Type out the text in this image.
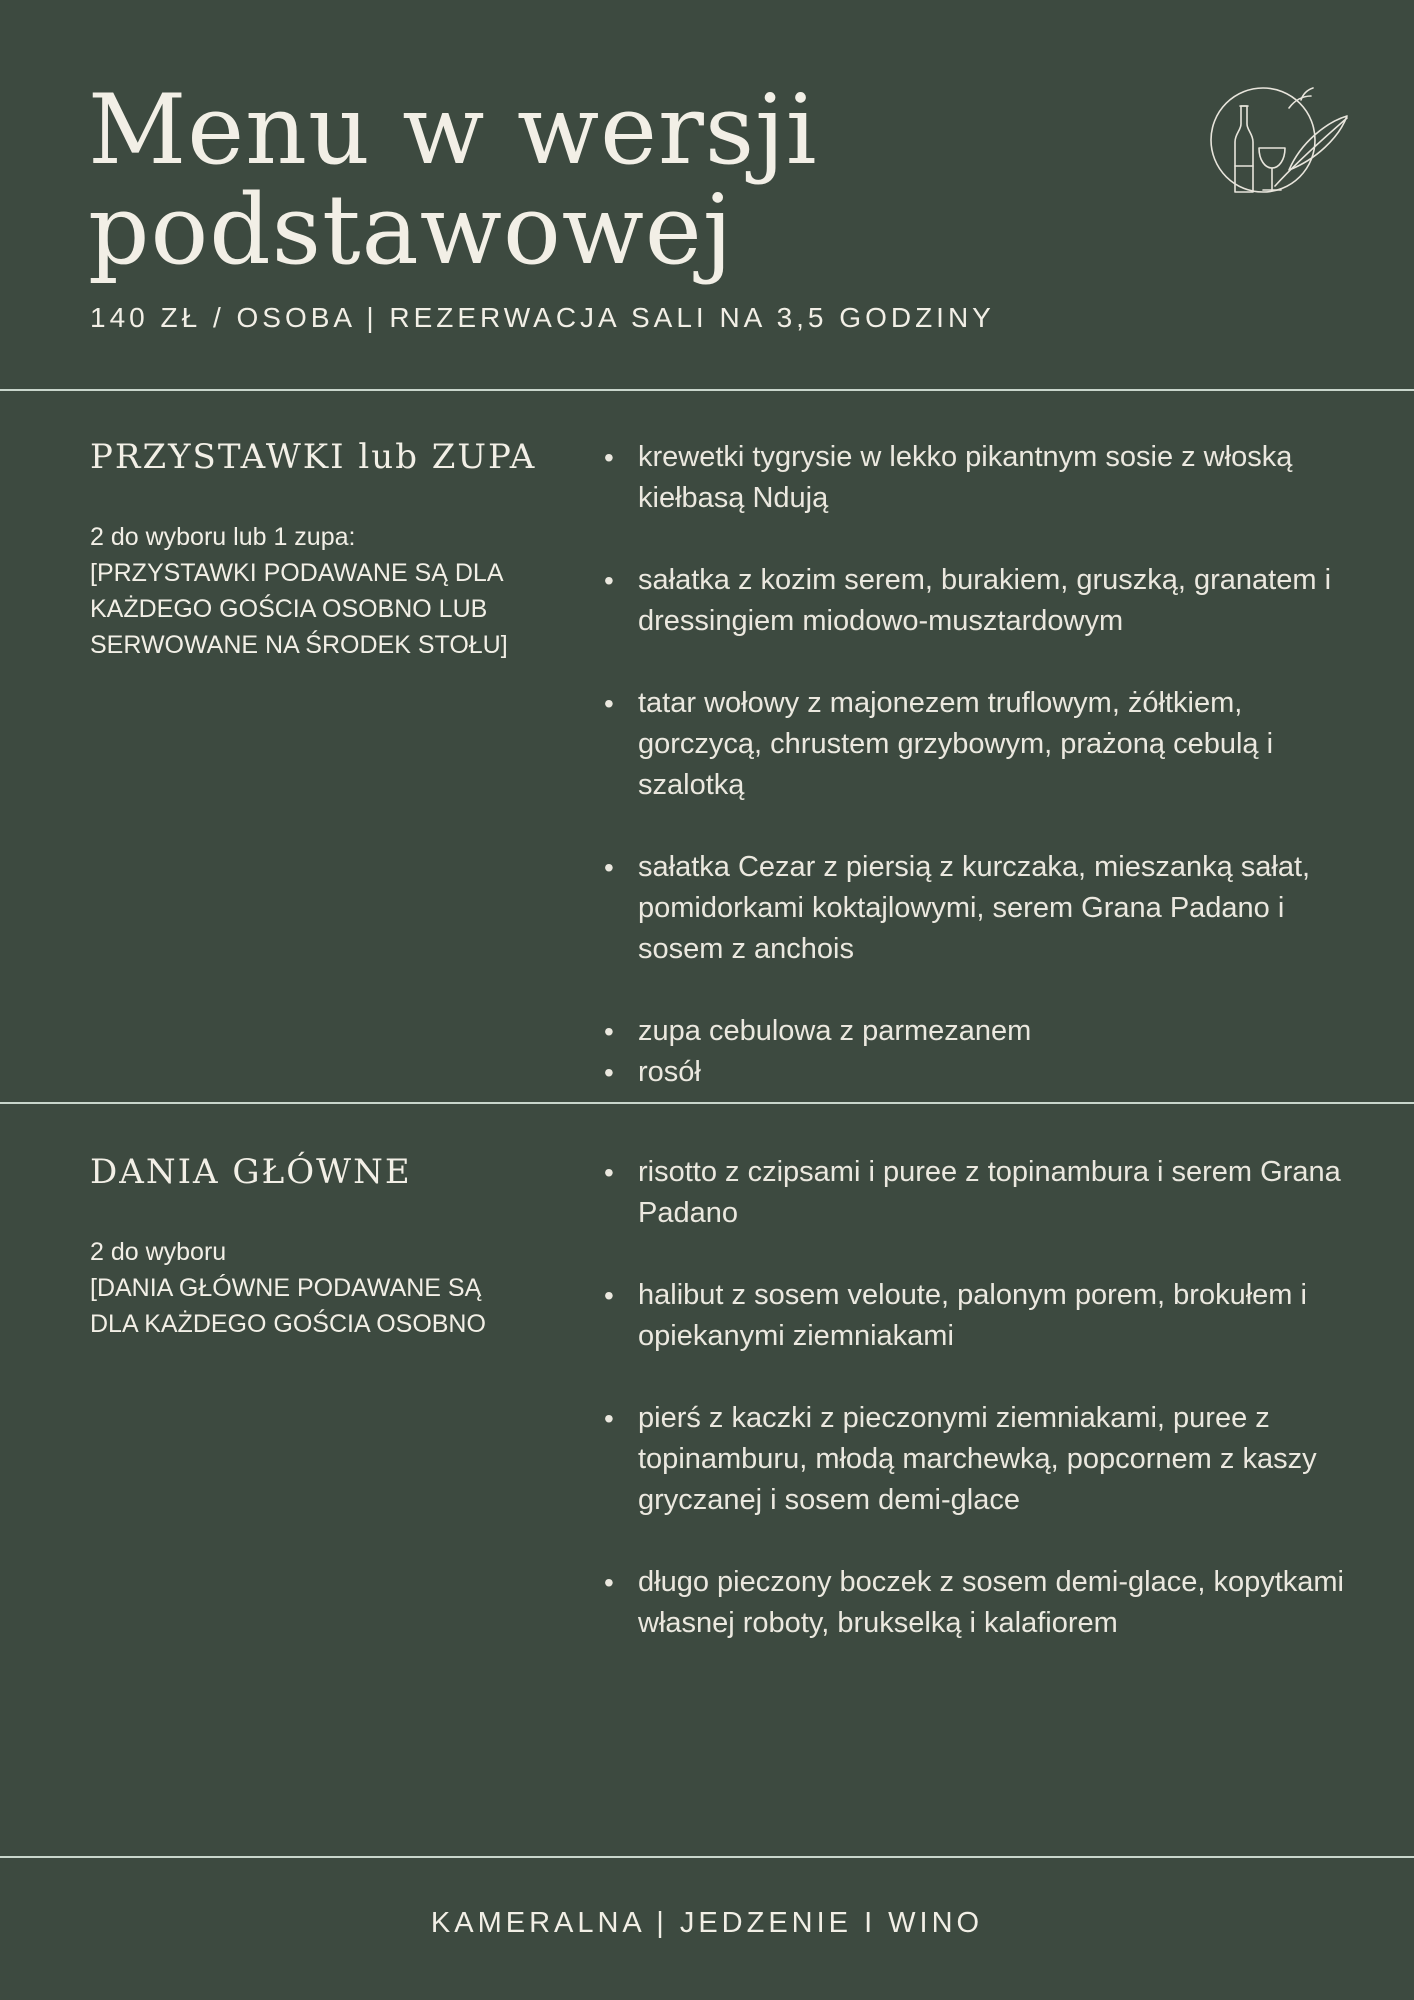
Menu w wersji
podstawowej
140 ZŁ / OSOBA | REZERWACJA SALI NA 3,5 GODZINY
PRZYSTAWKI lub ZUPA
2 do wyboru lub 1 zupa:
[PRZYSTAWKI PODAWANE SĄ DLA
KAŻDEGO GOŚCIA OSOBNO LUB
SERWOWANE NA ŚRODEK STOŁU]
• krewetki tygrysie w lekko pikantnym sosie z włoską kiełbasą Ndują
• sałatka z kozim serem, burakiem, gruszką, granatem i dressingiem miodowo-musztardowym
• tatar wołowy z majonezem truflowym, żółtkiem, gorczycą, chrustem grzybowym, prażoną cebulą i szalotką
• sałatka Cezar z piersią z kurczaka, mieszanką sałat, pomidorkami koktajlowymi, serem Grana Padano i sosem z anchois
• zupa cebulowa z parmezanem
• rosół
DANIA GŁÓWNE
2 do wyboru
[DANIA GŁÓWNE PODAWANE SĄ
DLA KAŻDEGO GOŚCIA OSOBNO
• risotto z czipsami i puree z topinambura i serem Grana Padano
• halibut z sosem veloute, palonym porem, brokułem i opiekanymi ziemniakami
• pierś z kaczki z pieczonymi ziemniakami, puree z topinamburu, młodą marchewką, popcornem z kaszy gryczanej i sosem demi-glace
• długo pieczony boczek z sosem demi-glace, kopytkami własnej roboty, brukselką i kalafiorem
KAMERALNA | JEDZENIE I WINO
